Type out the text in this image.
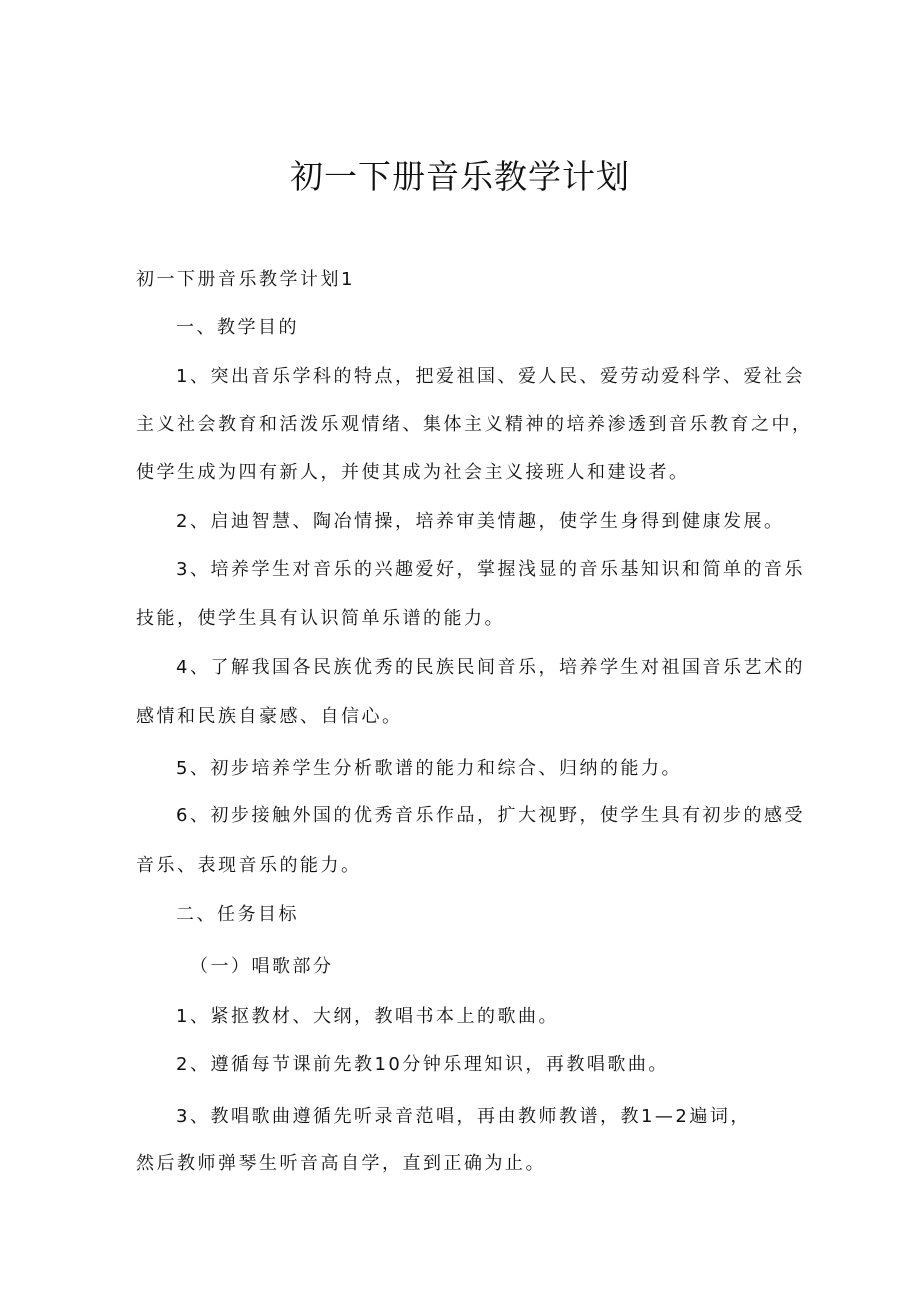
初一下册音乐教学计划
初一下册音乐教学计划1
一、教学目的
1、突出音乐学科的特点，把爱祖国、爱人民、爱劳动爱科学、爱社会
主义社会教育和活泼乐观情绪、集体主义精神的培养渗透到音乐教育之中，
使学生成为四有新人，并使其成为社会主义接班人和建设者。
2、启迪智慧、陶冶情操，培养审美情趣，使学生身得到健康发展。
3、培养学生对音乐的兴趣爱好，掌握浅显的音乐基知识和简单的音乐
技能，使学生具有认识简单乐谱的能力。
4、了解我国各民族优秀的民族民间音乐，培养学生对祖国音乐艺术的
感情和民族自豪感、自信心。
5、初步培养学生分析歌谱的能力和综合、归纳的能力。
6、初步接触外国的优秀音乐作品，扩大视野，使学生具有初步的感受
音乐、表现音乐的能力。
二、任务目标
（一）唱歌部分
1、紧抠教材、大纲，教唱书本上的歌曲。
2、遵循每节课前先教10分钟乐理知识，再教唱歌曲。
3、教唱歌曲遵循先听录音范唱，再由教师教谱，教1—2遍词，
然后教师弹琴生听音高自学，直到正确为止。
